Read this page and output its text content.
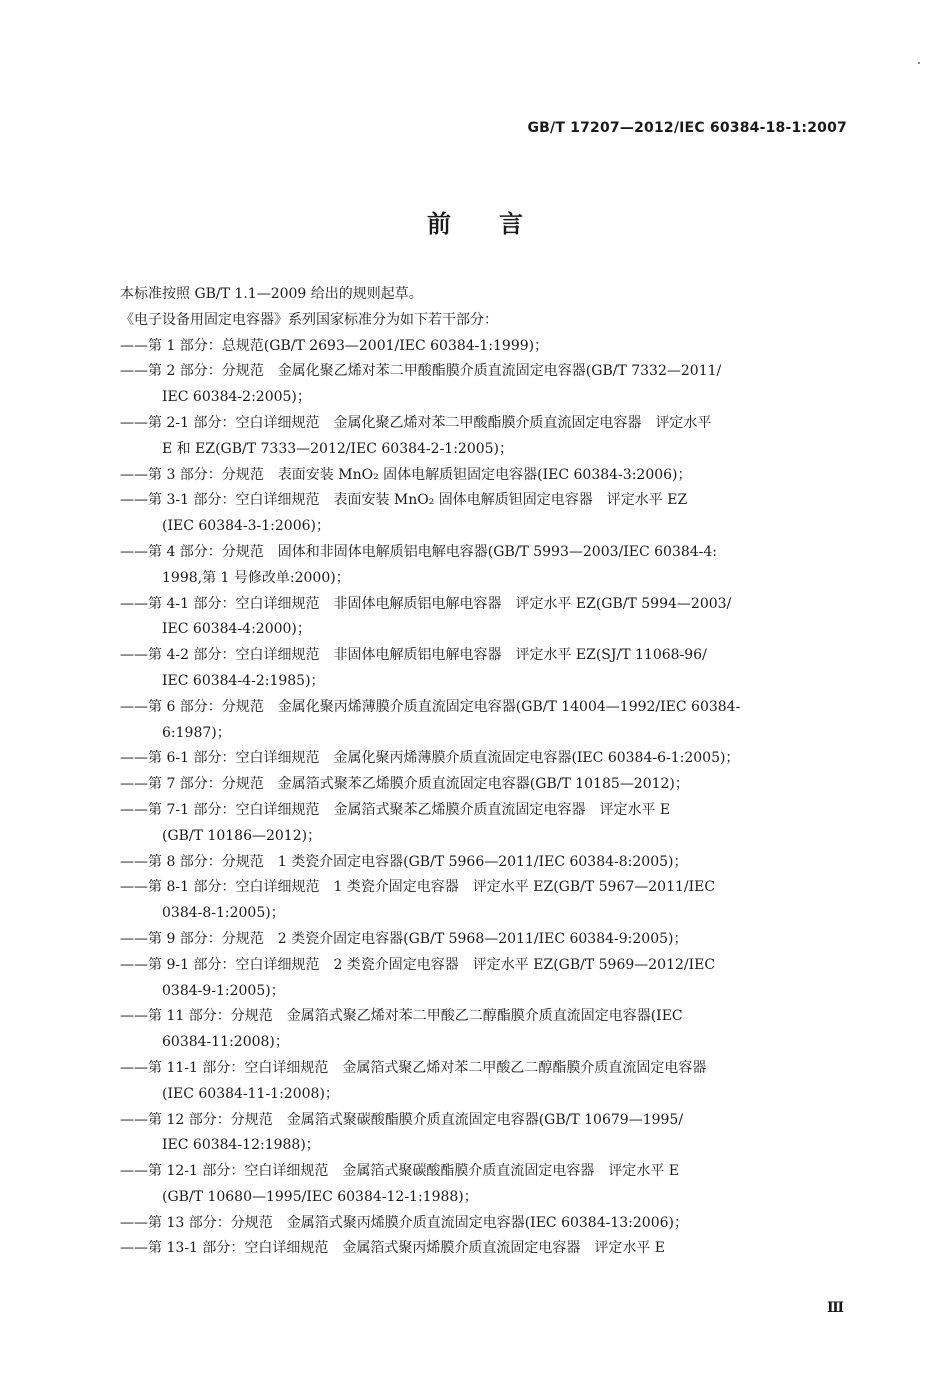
GB/T 17207—2012/IEC 60384-18-1:2007
前言
本标准按照 GB/T 1.1—2009 给出的规则起草。
《电子设备用固定电容器》系列国家标准分为如下若干部分：
——第 1 部分：总规范(GB/T 2693—2001/IEC 60384-1:1999)；
——第 2 部分：分规范　金属化聚乙烯对苯二甲酸酯膜介质直流固定电容器(GB/T 7332—2011/
IEC 60384-2:2005)；
——第 2-1 部分：空白详细规范　金属化聚乙烯对苯二甲酸酯膜介质直流固定电容器　评定水平
E 和 EZ(GB/T 7333—2012/IEC 60384-2-1:2005)；
——第 3 部分：分规范　表面安装 MnO₂ 固体电解质钽固定电容器(IEC 60384-3:2006)；
——第 3-1 部分：空白详细规范　表面安装 MnO₂ 固体电解质钽固定电容器　评定水平 EZ
(IEC 60384-3-1:2006)；
——第 4 部分：分规范　固体和非固体电解质铝电解电容器(GB/T 5993—2003/IEC 60384-4:
1998,第 1 号修改单:2000)；
——第 4-1 部分：空白详细规范　非固体电解质铝电解电容器　评定水平 EZ(GB/T 5994—2003/
IEC 60384-4:2000)；
——第 4-2 部分：空白详细规范　非固体电解质铝电解电容器　评定水平 EZ(SJ/T 11068-96/
IEC 60384-4-2:1985)；
——第 6 部分：分规范　金属化聚丙烯薄膜介质直流固定电容器(GB/T 14004—1992/IEC 60384-
6:1987)；
——第 6-1 部分：空白详细规范　金属化聚丙烯薄膜介质直流固定电容器(IEC 60384-6-1:2005)；
——第 7 部分：分规范　金属箔式聚苯乙烯膜介质直流固定电容器(GB/T 10185—2012)；
——第 7-1 部分：空白详细规范　金属箔式聚苯乙烯膜介质直流固定电容器　评定水平 E
(GB/T 10186—2012)；
——第 8 部分：分规范　1 类瓷介固定电容器(GB/T 5966—2011/IEC 60384-8:2005)；
——第 8-1 部分：空白详细规范　1 类瓷介固定电容器　评定水平 EZ(GB/T 5967—2011/IEC
0384-8-1:2005)；
——第 9 部分：分规范　2 类瓷介固定电容器(GB/T 5968—2011/IEC 60384-9:2005)；
——第 9-1 部分：空白详细规范　2 类瓷介固定电容器　评定水平 EZ(GB/T 5969—2012/IEC
0384-9-1:2005)；
——第 11 部分：分规范　金属箔式聚乙烯对苯二甲酸乙二醇酯膜介质直流固定电容器(IEC
60384-11:2008)；
——第 11-1 部分：空白详细规范　金属箔式聚乙烯对苯二甲酸乙二醇酯膜介质直流固定电容器
(IEC 60384-11-1:2008)；
——第 12 部分：分规范　金属箔式聚碳酸酯膜介质直流固定电容器(GB/T 10679—1995/
IEC 60384-12:1988)；
——第 12-1 部分：空白详细规范　金属箔式聚碳酸酯膜介质直流固定电容器　评定水平 E
(GB/T 10680—1995/IEC 60384-12-1:1988)；
——第 13 部分：分规范　金属箔式聚丙烯膜介质直流固定电容器(IEC 60384-13:2006)；
——第 13-1 部分：空白详细规范　金属箔式聚丙烯膜介质直流固定电容器　评定水平 E
Ⅲ
